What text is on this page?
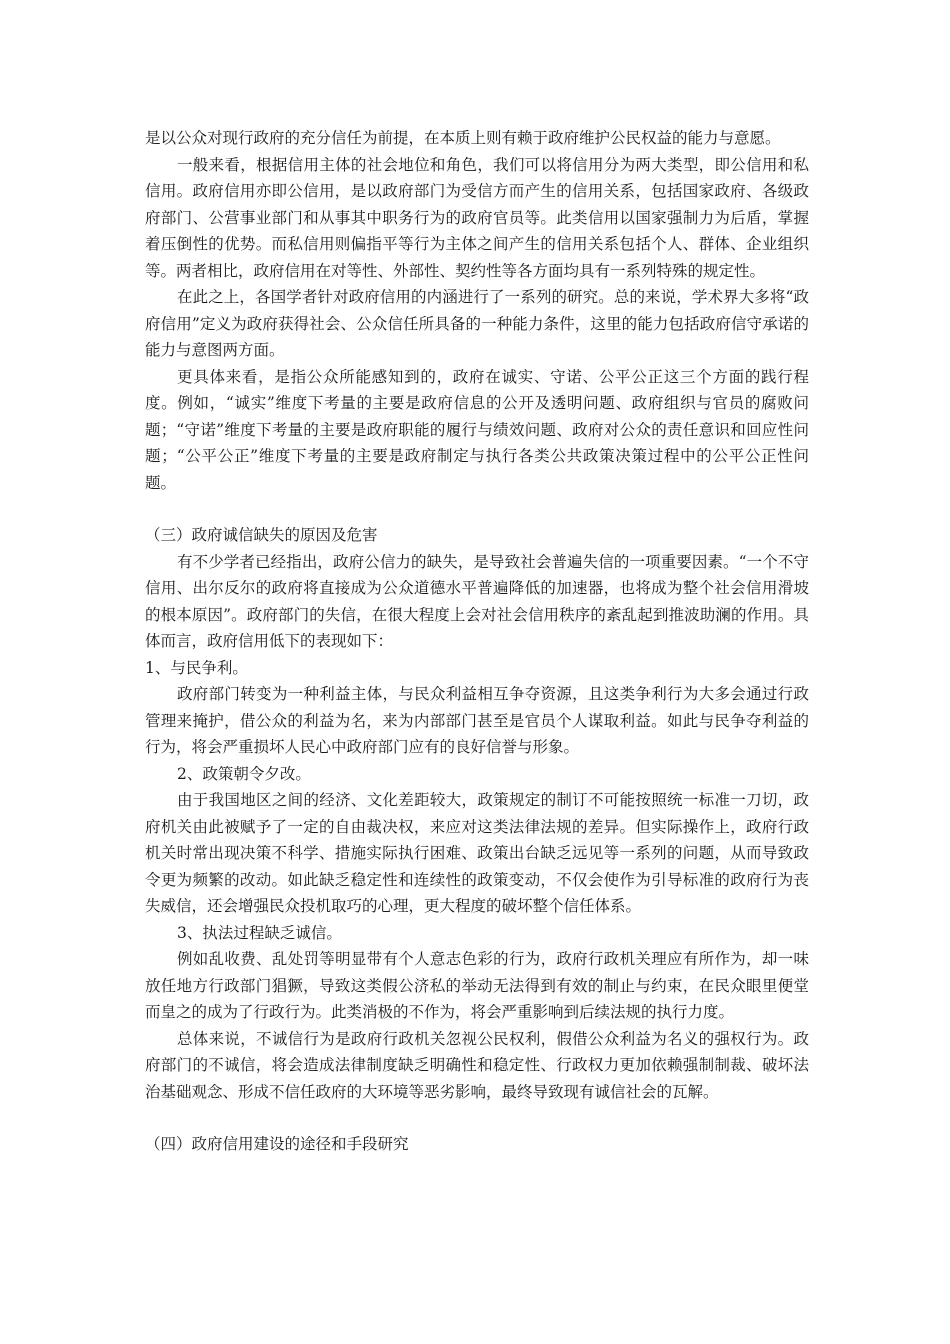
是以公众对现行政府的充分信任为前提，在本质上则有赖于政府维护公民权益的能力与意愿。

一般来看，根据信用主体的社会地位和角色，我们可以将信用分为两大类型，即公信用和私信用。政府信用亦即公信用，是以政府部门为受信方而产生的信用关系，包括国家政府、各级政府部门、公营事业部门和从事其中职务行为的政府官员等。此类信用以国家强制力为后盾，掌握着压倒性的优势。而私信用则偏指平等行为主体之间产生的信用关系包括个人、群体、企业组织等。两者相比，政府信用在对等性、外部性、契约性等各方面均具有一系列特殊的规定性。

在此之上，各国学者针对政府信用的内涵进行了一系列的研究。总的来说，学术界大多将“政府信用”定义为政府获得社会、公众信任所具备的一种能力条件，这里的能力包括政府信守承诺的能力与意图两方面。

更具体来看，是指公众所能感知到的，政府在诚实、守诺、公平公正这三个方面的践行程度。例如，“诚实”维度下考量的主要是政府信息的公开及透明问题、政府组织与官员的腐败问题；“守诺”维度下考量的主要是政府职能的履行与绩效问题、政府对公众的责任意识和回应性问题；“公平公正”维度下考量的主要是政府制定与执行各类公共政策决策过程中的公平公正性问题。

（三）政府诚信缺失的原因及危害

有不少学者已经指出，政府公信力的缺失，是导致社会普遍失信的一项重要因素。“一个不守信用、出尔反尔的政府将直接成为公众道德水平普遍降低的加速器，也将成为整个社会信用滑坡的根本原因”。政府部门的失信，在很大程度上会对社会信用秩序的紊乱起到推波助澜的作用。具体而言，政府信用低下的表现如下：

1、与民争利。

政府部门转变为一种利益主体，与民众利益相互争夺资源，且这类争利行为大多会通过行政管理来掩护，借公众的利益为名，来为内部部门甚至是官员个人谋取利益。如此与民争夺利益的行为，将会严重损坏人民心中政府部门应有的良好信誉与形象。

2、政策朝令夕改。

由于我国地区之间的经济、文化差距较大，政策规定的制订不可能按照统一标准一刀切，政府机关由此被赋予了一定的自由裁决权，来应对这类法律法规的差异。但实际操作上，政府行政机关时常出现决策不科学、措施实际执行困难、政策出台缺乏远见等一系列的问题，从而导致政令更为频繁的改动。如此缺乏稳定性和连续性的政策变动，不仅会使作为引导标准的政府行为丧失威信，还会增强民众投机取巧的心理，更大程度的破坏整个信任体系。

3、执法过程缺乏诚信。

例如乱收费、乱处罚等明显带有个人意志色彩的行为，政府行政机关理应有所作为，却一味放任地方行政部门猖獗，导致这类假公济私的举动无法得到有效的制止与约束，在民众眼里便堂而皇之的成为了行政行为。此类消极的不作为，将会严重影响到后续法规的执行力度。

总体来说，不诚信行为是政府行政机关忽视公民权利，假借公众利益为名义的强权行为。政府部门的不诚信，将会造成法律制度缺乏明确性和稳定性、行政权力更加依赖强制制裁、破坏法治基础观念、形成不信任政府的大环境等恶劣影响，最终导致现有诚信社会的瓦解。

（四）政府信用建设的途径和手段研究
